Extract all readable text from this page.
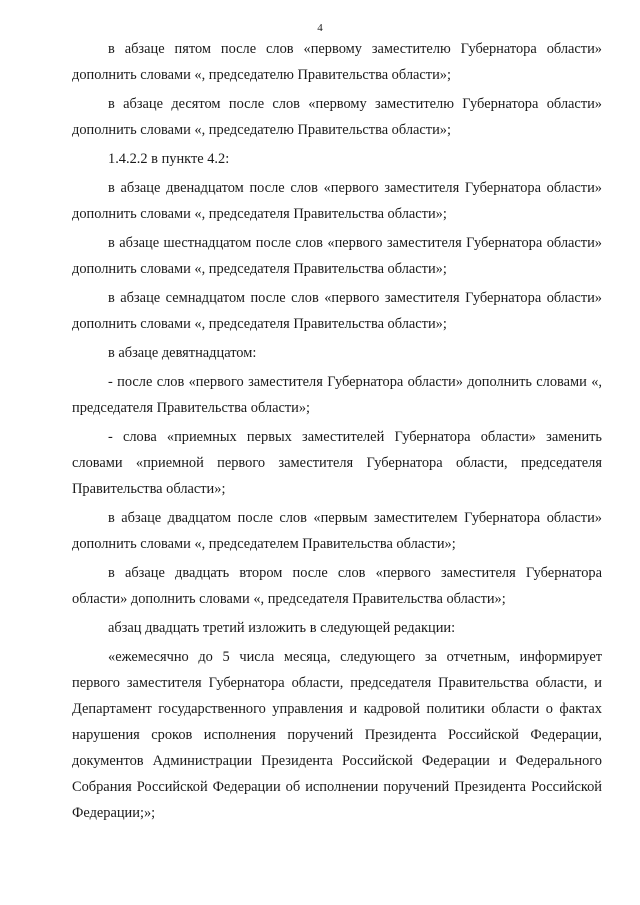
4

в абзаце пятом после слов «первому заместителю Губернатора области» дополнить словами «, председателю Правительства области»;

в абзаце десятом после слов «первому заместителю Губернатора области» дополнить словами «, председателю Правительства области»;

1.4.2.2 в пункте 4.2:

в абзаце двенадцатом после слов «первого заместителя Губернатора области» дополнить словами «, председателя Правительства области»;

в абзаце шестнадцатом после слов «первого заместителя Губернатора области» дополнить словами «, председателя Правительства области»;

в абзаце семнадцатом после слов «первого заместителя Губернатора области» дополнить словами «, председателя Правительства области»;

в абзаце девятнадцатом:

- после слов «первого заместителя Губернатора области» дополнить словами «, председателя Правительства области»;

- слова «приемных первых заместителей Губернатора области» заменить словами «приемной первого заместителя Губернатора области, председателя Правительства области»;

в абзаце двадцатом после слов «первым заместителем Губернатора области» дополнить словами «, председателем Правительства области»;

в абзаце двадцать втором после слов «первого заместителя Губернатора области» дополнить словами «, председателя Правительства области»;

абзац двадцать третий изложить в следующей редакции:

«ежемесячно до 5 числа месяца, следующего за отчетным, информирует первого заместителя Губернатора области, председателя Правительства области, и Департамент государственного управления и кадровой политики области о фактах нарушения сроков исполнения поручений Президента Российской Федерации, документов Администрации Президента Российской Федерации и Федерального Собрания Российской Федерации об исполнении поручений Президента Российской Федерации;»;
